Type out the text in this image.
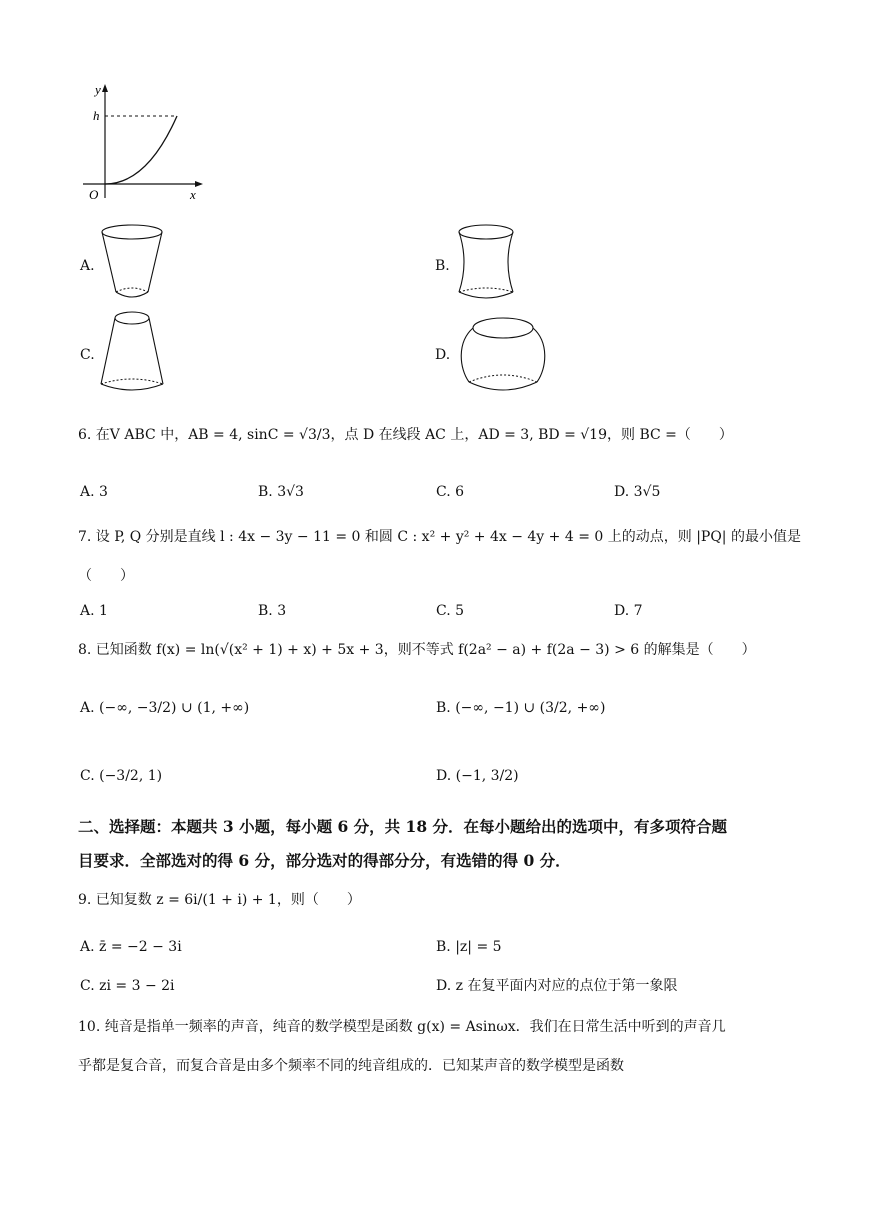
y
h
O	x
A.	B.
C.	D.
6. 在V ABC 中，AB = 4, sinC = √3/3，点 D 在线段 AC 上，AD = 3, BD = √19，则 BC =（　　）
A. 3	B. 3√3	C. 6	D. 3√5
7. 设 P, Q 分别是直线 l : 4x − 3y − 11 = 0 和圆 C : x² + y² + 4x − 4y + 4 = 0 上的动点，则 |PQ| 的最小值是
（　　）
A. 1	B. 3	C. 5	D. 7
8. 已知函数 f(x) = ln(√(x² + 1) + x) + 5x + 3，则不等式 f(2a² − a) + f(2a − 3) > 6 的解集是（　　）
A. (−∞, −3/2) ∪ (1, +∞)	B. (−∞, −1) ∪ (3/2, +∞)
C. (−3/2, 1)	D. (−1, 3/2)
二、选择题：本题共 3 小题，每小题 6 分，共 18 分．在每小题给出的选项中，有多项符合题
目要求．全部选对的得 6 分，部分选对的得部分分，有选错的得 0 分．
9. 已知复数 z = 6i/(1 + i) + 1，则（　　）
A. z̄ = −2 − 3i	B. |z| = 5
C. zi = 3 − 2i	D. z 在复平面内对应的点位于第一象限
10. 纯音是指单一频率的声音，纯音的数学模型是函数 g(x) = Asinωx．我们在日常生活中听到的声音几
乎都是复合音，而复合音是由多个频率不同的纯音组成的．已知某声音的数学模型是函数
